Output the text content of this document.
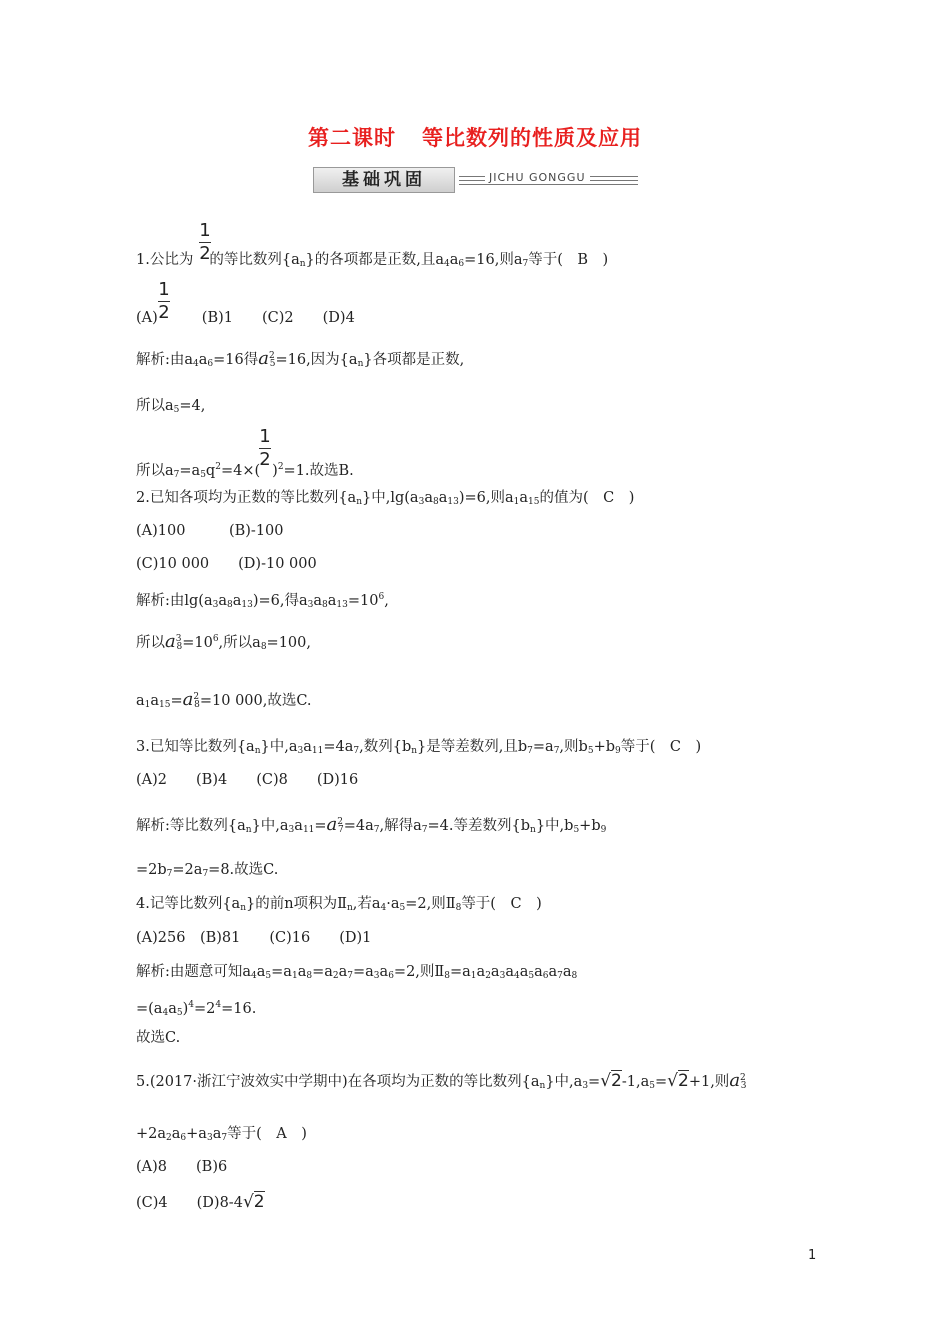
第二课时 等比数列的性质及应用
基础巩固	JICHU GONGGU
1
2
1.公比为 的等比数列$\{a_n\}$的各项都是正数,且$a_4a_6=16$,则$a_7$等于(　B　)
1
2
(A)	(B)1　　(C)2　　(D)4
解析:由$a_4a_6=16$得$a^2_5=16$,因为$\{a_n\}$各项都是正数,
所以$a_5=4$,
1
2
所以$a_7=a_5q^2=4\times$( )$^2$=1.故选B.
2.已知各项均为正数的等比数列$\{a_n\}$中$,\lg(a_3a_8a_{13})=6$,则$a_1a_{15}$的值为(　C　)
(A)100　　　(B)-100
(C)10 000　　(D)-10 000
解析:由$\lg(a_3a_8a_{13})=6$,得$a_3a_8a_{13}=10^6$,
所以$a^3_8=10^6$,所以$a_8=100$,
$a_1a_{15}=a^2_8=10$ 000,故选C.
3.已知等比数列$\{a_n\}$中$,a_3a_{11}=4a_7$,数列$\{b_n\}$是等差数列,且$b_7=a_7$,则$b_5+b_9$等于(　C　)
(A)2　　(B)4　　(C)8　　(D)16
解析:等比数列$\{a_n\}$中$,a_3a_{11}=a^2_7=4a_7$,解得$a_7=4$.等差数列$\{b_n\}$中$,b_5+b_9$
$=2b_7=2a_7=8$.故选C.
4.记等比数列$\{a_n\}$的前n项积为$Ⅱ_n$,若$a_4\cdot a_5=2$,则$Ⅱ_8$等于(　C　)
(A)256　(B)81　　(C)16　　(D)1
解析:由题意可知$a_4a_5=a_1a_8=a_2a_7=a_3a_6=2$,则$Ⅱ_8=a_1a_2a_3a_4a_5a_6a_7a_8$
$=(a_4a_5)^4=2^4=16$.
故选C.
5.(2017·浙江宁波效实中学期中)在各项均为正数的等比数列$\{a_n\}$中$,a_3=√2-1,a_5=√2+1$,则$a^2_3$
$+2a_2a_6+a_3a_7$等于(　A　)
(A)8　　(B)6
(C)4　　(D)8-4√2
1
